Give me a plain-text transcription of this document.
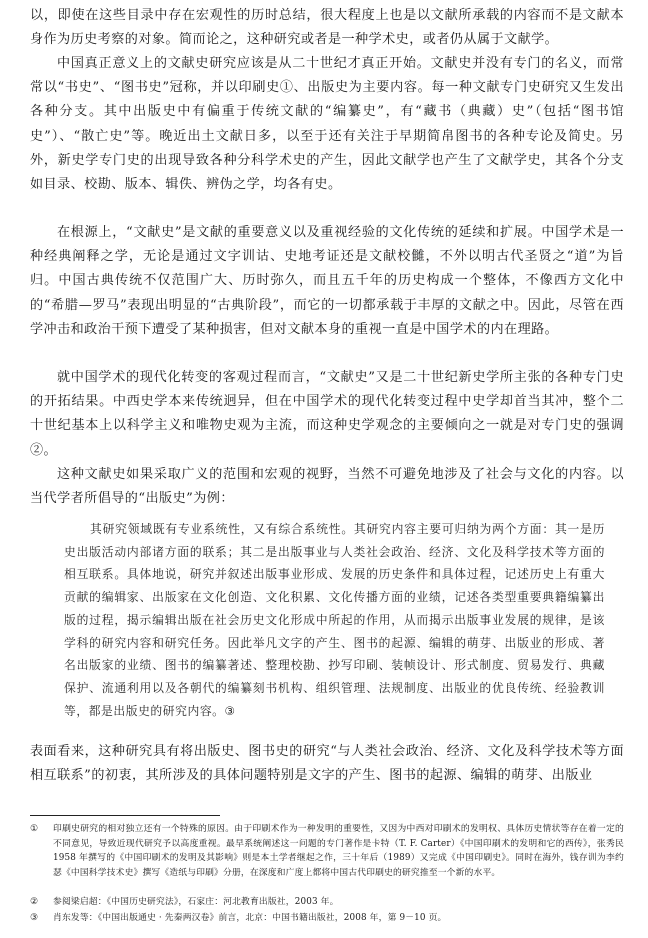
以，即使在这些目录中存在宏观性的历时总结，很大程度上也是以文献所承载的内容而不是文献本身作为历史考察的对象。简而论之，这种研究或者是一种学术史，或者仍从属于文献学。

中国真正意义上的文献史研究应该是从二十世纪才真正开始。文献史并没有专门的名义，而常常以“书史”、“图书史”冠称，并以印刷史①、出版史为主要内容。每一种文献专门史研究又生发出各种分支。其中出版史中有偏重于传统文献的“编纂史”，有“藏书（典藏）史”（包括“图书馆史”）、“散亡史”等。晚近出土文献日多，以至于还有关注于早期简帛图书的各种专论及简史。另外，新史学专门史的出现导致各种分科学术史的产生，因此文献学也产生了文献学史，其各个分支如目录、校勘、版本、辑佚、辨伪之学，均各有史。

在根源上，“文献史”是文献的重要意义以及重视经验的文化传统的延续和扩展。中国学术是一种经典阐释之学，无论是通过文字训诂、史地考证还是文献校雠，不外以明古代圣贤之“道”为旨归。中国古典传统不仅范围广大、历时弥久，而且五千年的历史构成一个整体，不像西方文化中的“希腊—罗马”表现出明显的“古典阶段”，而它的一切都承载于丰厚的文献之中。因此，尽管在西学冲击和政治干预下遭受了某种损害，但对文献本身的重视一直是中国学术的内在理路。

就中国学术的现代化转变的客观过程而言，“文献史”又是二十世纪新史学所主张的各种专门史的开拓结果。中西史学本来传统迥异，但在中国学术的现代化转变过程中史学却首当其冲，整个二十世纪基本上以科学主义和唯物史观为主流，而这种史学观念的主要倾向之一就是对专门史的强调②。

这种文献史如果采取广义的范围和宏观的视野，当然不可避免地涉及了社会与文化的内容。以当代学者所倡导的“出版史”为例：

其研究领域既有专业系统性，又有综合系统性。其研究内容主要可归纳为两个方面：其一是历史出版活动内部诸方面的联系；其二是出版事业与人类社会政治、经济、文化及科学技术等方面的相互联系。具体地说，研究并叙述出版事业形成、发展的历史条件和具体过程，记述历史上有重大贡献的编辑家、出版家在文化创造、文化积累、文化传播方面的业绩，记述各类型重要典籍编纂出版的过程，揭示编辑出版在社会历史文化形成中所起的作用，从而揭示出版事业发展的规律，是该学科的研究内容和研究任务。因此举凡文字的产生、图书的起源、编辑的萌芽、出版业的形成、著名出版家的业绩、图书的编纂著述、整理校勘、抄写印刷、装帧设计、形式制度、贸易发行、典藏保护、流通利用以及各朝代的编纂刻书机构、组织管理、法规制度、出版业的优良传统、经验教训等，都是出版史的研究内容。③

表面看来，这种研究具有将出版史、图书史的研究“与人类社会政治、经济、文化及科学技术等方面相互联系”的初衷，其所涉及的具体问题特别是文字的产生、图书的起源、编辑的萌芽、出版业

①	印刷史研究的相对独立还有一个特殊的原因。由于印刷术作为一种发明的重要性，又因为中西对印刷术的发明权、具体历史情状等存在着一定的不同意见，导致近现代研究予以高度重视。最早系统阐述这一问题的专门著作是卡特（T. F. Carter）《中国印刷术的发明和它的西传》，张秀民 1958 年撰写的《中国印刷术的发明及其影响》则是本土学者继起之作，三十年后（1989）又完成《中国印刷史》。同时在海外，钱存训为李约瑟《中国科学技术史》撰写《造纸与印刷》分册，在深度和广度上都将中国古代印刷史的研究推至一个新的水平。
②	参阅梁启超：《中国历史研究法》，石家庄：河北教育出版社，2003 年。
③	肖东发等：《中国出版通史 · 先秦两汉卷》前言，北京：中国书籍出版社，2008 年，第 9－10 页。
